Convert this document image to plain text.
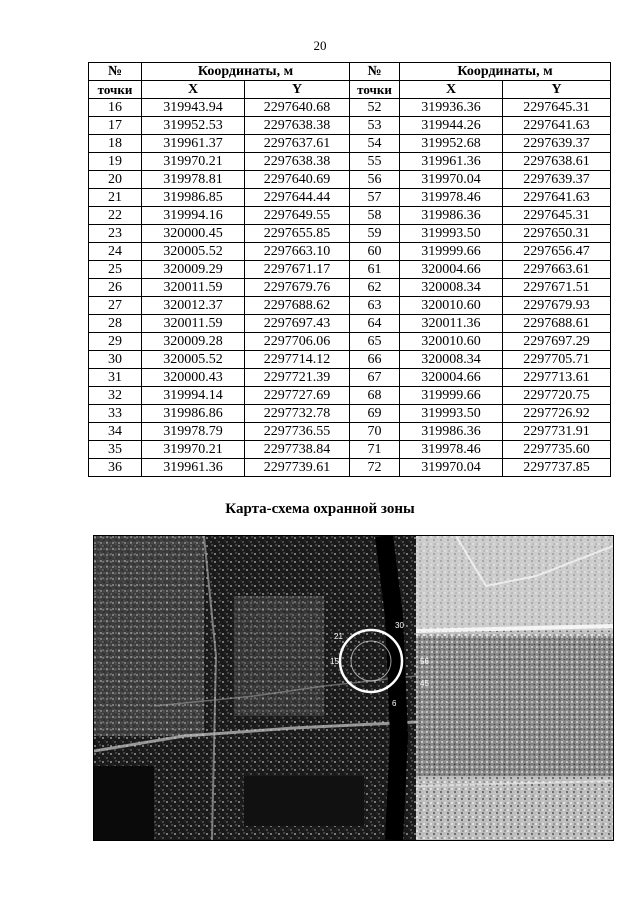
20
№	Координаты, м		№	Координаты, м	
точки	X	Y	точки	X	Y
16	319943.94	2297640.68	52	319936.36	2297645.31
17	319952.53	2297638.38	53	319944.26	2297641.63
18	319961.37	2297637.61	54	319952.68	2297639.37
19	319970.21	2297638.38	55	319961.36	2297638.61
20	319978.81	2297640.69	56	319970.04	2297639.37
21	319986.85	2297644.44	57	319978.46	2297641.63
22	319994.16	2297649.55	58	319986.36	2297645.31
23	320000.45	2297655.85	59	319993.50	2297650.31
24	320005.52	2297663.10	60	319999.66	2297656.47
25	320009.29	2297671.17	61	320004.66	2297663.61
26	320011.59	2297679.76	62	320008.34	2297671.51
27	320012.37	2297688.62	63	320010.60	2297679.93
28	320011.59	2297697.43	64	320011.36	2297688.61
29	320009.28	2297706.06	65	320010.60	2297697.29
30	320005.52	2297714.12	66	320008.34	2297705.71
31	320000.43	2297721.39	67	320004.66	2297713.61
32	319994.14	2297727.69	68	319999.66	2297720.75
33	319986.86	2297732.78	69	319993.50	2297726.92
34	319978.79	2297736.55	70	319986.36	2297731.91
35	319970.21	2297738.84	71	319978.46	2297735.60
36	319961.36	2297739.61	72	319970.04	2297737.85
Карта-схема охранной зоны
21
30
15
6
56
45
